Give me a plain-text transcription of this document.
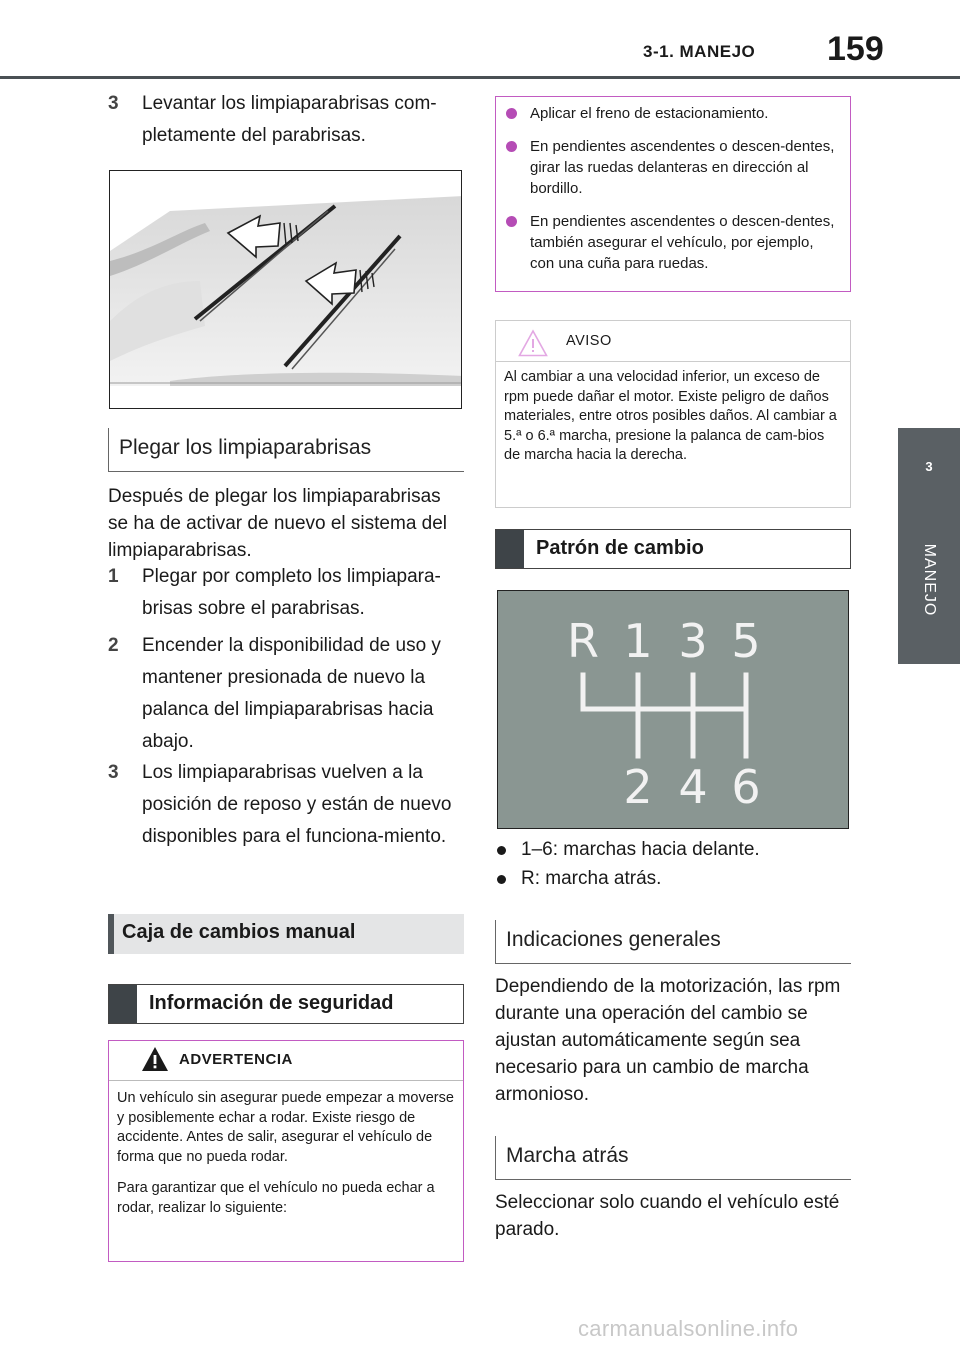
3-1. MANEJO 159
3
MANEJO
3	Levantar los limpiaparabrisas com-pletamente del parabrisas.
Plegar los limpiaparabrisas
Después de plegar los limpiaparabrisas se ha de activar de nuevo el sistema del limpiaparabrisas.
1	Plegar por completo los limpiapara-brisas sobre el parabrisas.
2	Encender la disponibilidad de uso y mantener presionada de nuevo la palanca del limpiaparabrisas hacia abajo.
3	Los limpiaparabrisas vuelven a la posición de reposo y están de nuevo disponibles para el funciona-miento.
Caja de cambios manual
Información de seguridad
ADVERTENCIA

Un vehículo sin asegurar puede empezar a moverse y posiblemente echar a rodar. Existe riesgo de accidente. Antes de salir, asegurar el vehículo de forma que no pueda rodar.

Para garantizar que el vehículo no pueda echar a rodar, realizar lo siguiente:

Aplicar el freno de estacionamiento.
En pendientes ascendentes o descen-dentes, girar las ruedas delanteras en dirección al bordillo.
En pendientes ascendentes o descen-dentes, también asegurar el vehículo, por ejemplo, con una cuña para ruedas.
AVISO
Al cambiar a una velocidad inferior, un exceso de rpm puede dañar el motor. Existe peligro de daños materiales, entre otros posibles daños. Al cambiar a 5.ª o 6.ª marcha, presione la palanca de cam-bios de marcha hacia la derecha.
Patrón de cambio
R 1 3 5
2 4 6
1–6: marchas hacia delante.
R: marcha atrás.
Indicaciones generales
Dependiendo de la motorización, las rpm durante una operación del cambio se ajustan automáticamente según sea necesario para un cambio de marcha armonioso.
Marcha atrás
Seleccionar solo cuando el vehículo esté parado.
carmanualsonline.info
